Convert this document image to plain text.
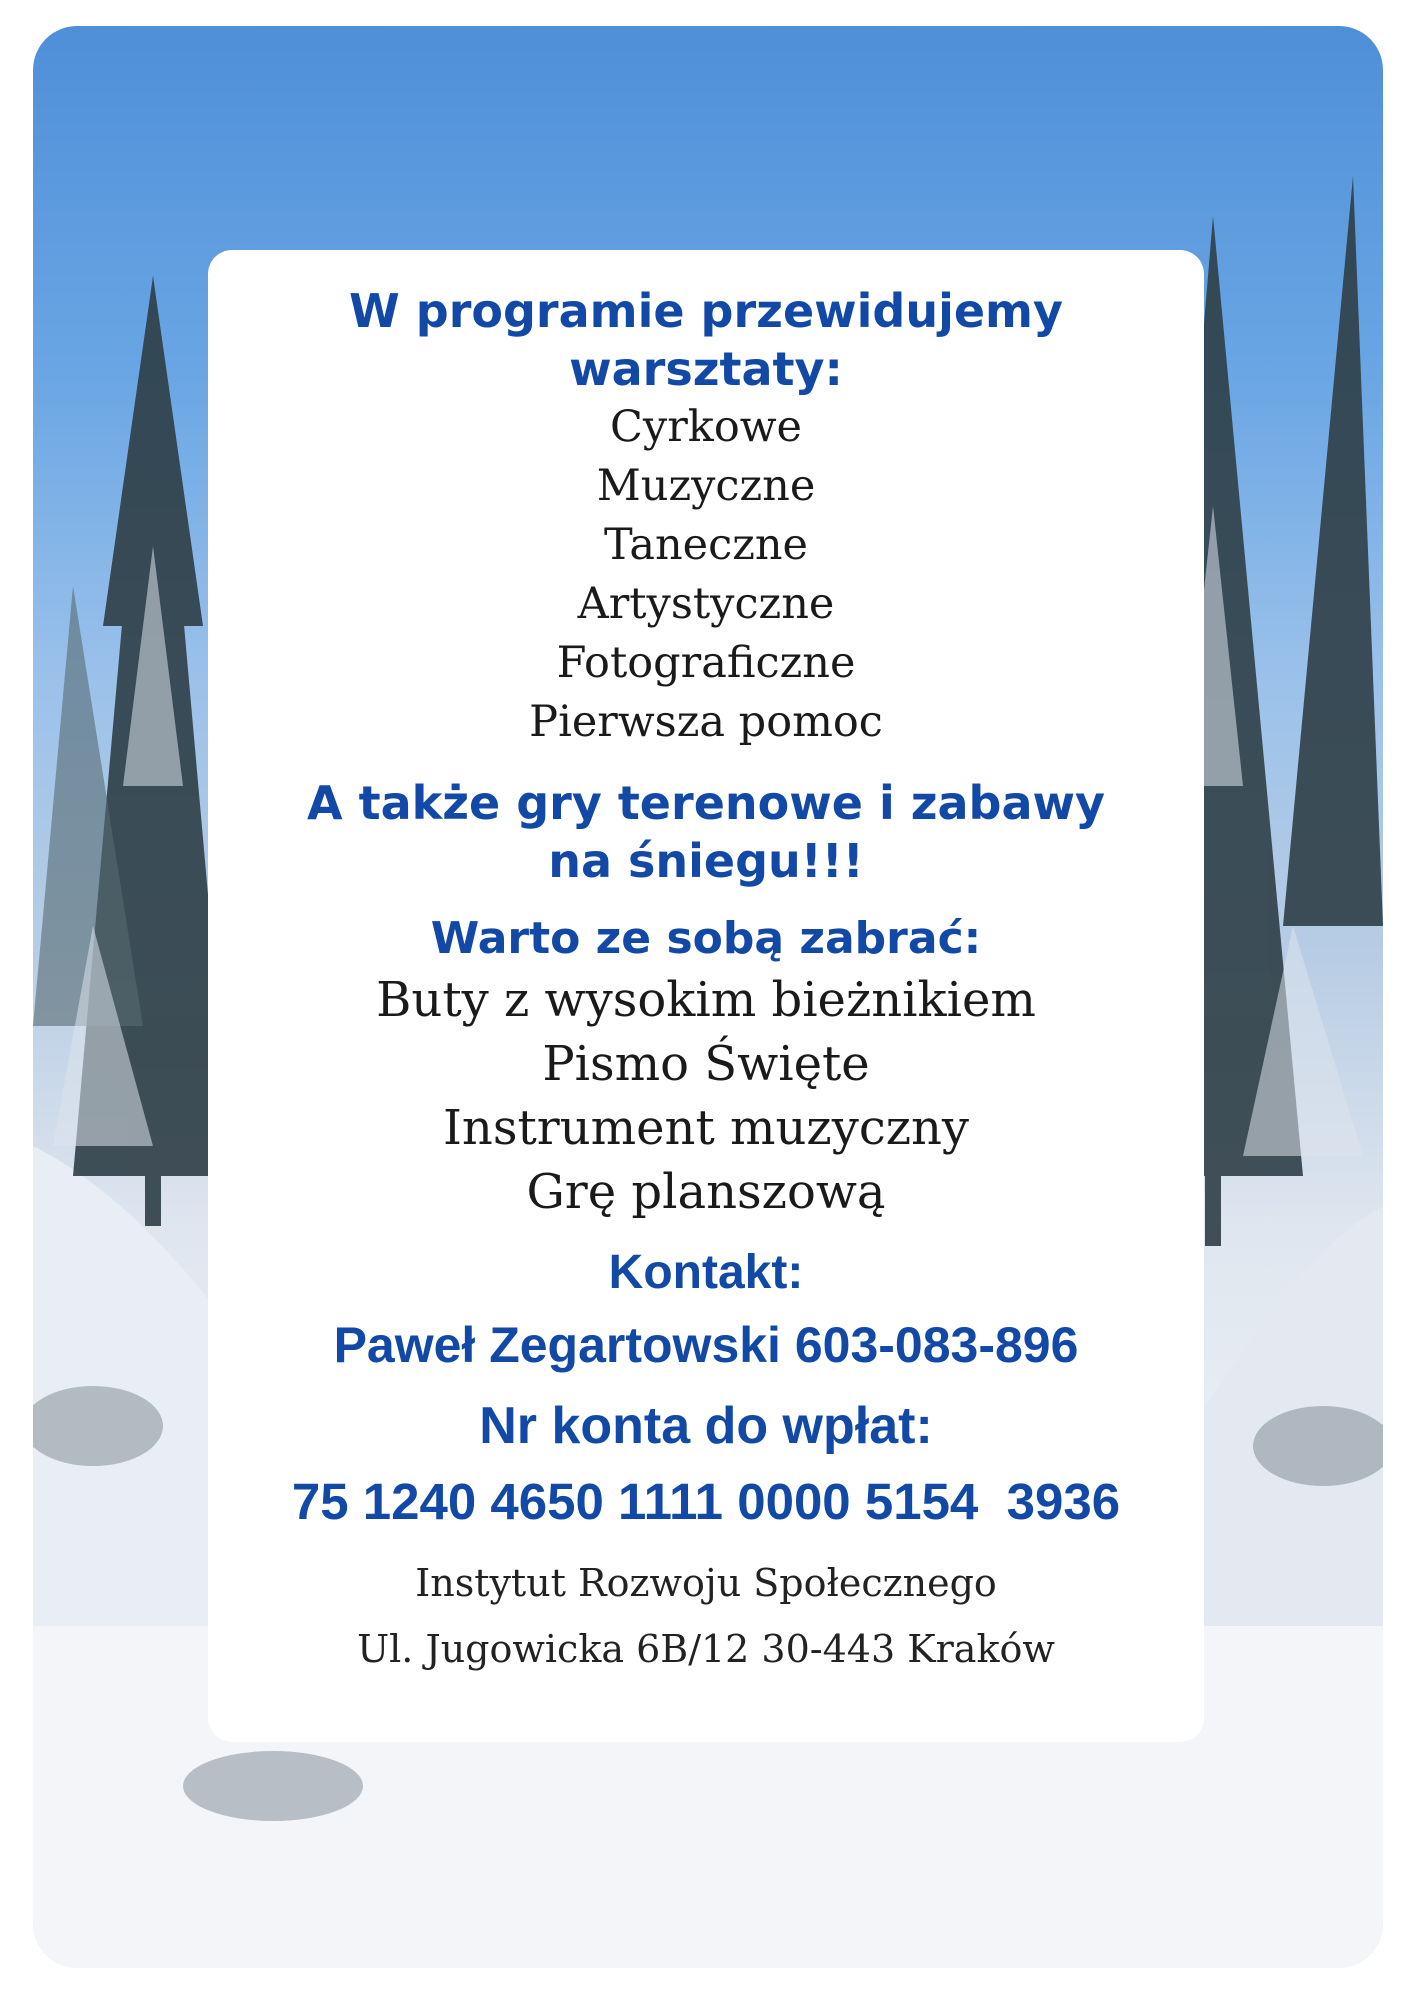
W programie przewidujemy

warsztaty:

Cyrkowe

Muzyczne

Taneczne

Artystyczne

Fotograficzne

Pierwsza pomoc

A także gry terenowe i zabawy

na śniegu!!!

Warto ze sobą zabrać:

Buty z wysokim bieżnikiem

Pismo Święte

Instrument muzyczny

Grę planszową

Kontakt:

Paweł Zegartowski 603-083-896

Nr konta do wpłat:

75 1240 4650 1111 0000 5154  3936

Instytut Rozwoju Społecznego

Ul. Jugowicka 6B/12 30-443 Kraków
